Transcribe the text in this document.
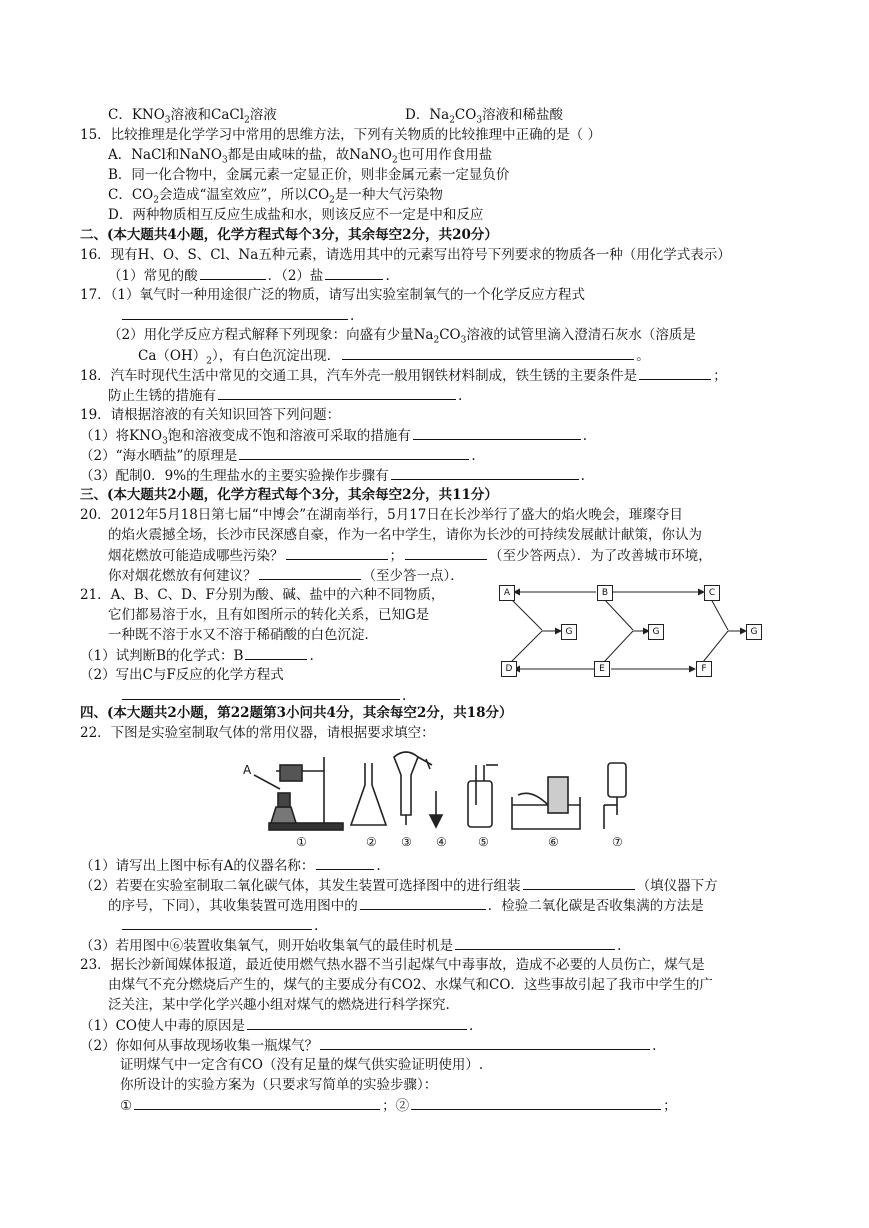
C．$KNO_3$溶液和CaCl$_2$溶液	D．$Na_2CO_3$溶液和稀盐酸
15．比较推理是化学学习中常用的思维方法，下列有关物质的比较推理中正确的是（ ）
A．NaCl和NaNO$_3$都是由咸味的盐，故NaNO$_2$也可用作食用盐
B．同一化合物中，金属元素一定显正价，则非金属元素一定显负价
C．$CO_2$会造成“温室效应”，所以$CO_2$是一种大气污染物
D．两种物质相互反应生成盐和水，则该反应不一定是中和反应
二、(本大题共4小题，化学方程式每个3分，其余每空2分，共20分）
16．现有H、O、S、Cl、Na五种元素，请选用其中的元素写出符号下列要求的物质各一种（用化学式表示）
（1）常见的酸	．（2）盐	.
17．（1）氧气时一种用途很广泛的物质，请写出实验室制氧气的一个化学反应方程式
.
（2）用化学反应方程式解释下列现象：向盛有少量$Na_2CO_3$溶液的试管里滴入澄清石灰水（溶质是
$Ca(OH)_2$），有白色沉淀出现．	。
18．汽车时现代生活中常见的交通工具，汽车外壳一般用钢铁材料制成，铁生锈的主要条件是	；
防止生锈的措施有	.
19．请根据溶液的有关知识回答下列问题：
（1）将$KNO_3$饱和溶液变成不饱和溶液可采取的措施有	.
（2）“海水晒盐”的原理是	.
（3）配制0．9%的生理盐水的主要实验操作步骤有	.
三、(本大题共2小题，化学方程式每个3分，其余每空2分，共11分）
20．2012年5月18日第七届“中博会”在湖南举行，5月17日在长沙举行了盛大的焰火晚会，璀璨夺目
的焰火震撼全场，长沙市民深感自豪，作为一名中学生，请你为长沙的可持续发展献计献策，你认为
烟花燃放可能造成哪些污染？	；	（至少答两点）．为了改善城市环境，
你对烟花燃放有何建议？	（至少答一点）．
21．A、B、C、D、F分别为酸、碱、盐中的六种不同物质，
它们都易溶于水，且有如图所示的转化关系，已知G是
一种既不溶于水又不溶于稀硝酸的白色沉淀．
（1）试判断B的化学式：B	.
（2）写出C与F反应的化学方程式
.
A	B	C
G	G	G
D	E	F
四、(本大题共2小题，第22题第3小问共4分，其余每空2分，共18分）
22．下图是实验室制取气体的常用仪器，请根据要求填空：
A
①	② ③ ④	⑤	⑥	⑦
（1）请写出上图中标有A的仪器名称：	.
（2）若要在实验室制取二氧化碳气体，其发生装置可选择图中的进行组装	（填仪器下方
的序号，下同），其收集装置可选用图中的	．检验二氧化碳是否收集满的方法是
.
（3）若用图中⑥装置收集氧气，则开始收集氧气的最佳时机是	.
23．据长沙新闻媒体报道，最近使用燃气热水器不当引起煤气中毒事故，造成不必要的人员伤亡，煤气是
由煤气不充分燃烧后产生的，煤气的主要成分有CO2、水煤气和CO．这些事故引起了我市中学生的广
泛关注，某中学化学兴趣小组对煤气的燃烧进行科学探究.
（1）CO使人中毒的原因是	.
（2）你如何从事故现场收集一瓶煤气？	.
证明煤气中一定含有CO（没有足量的煤气供实验证明使用）.
你所设计的实验方案为（只要求写简单的实验步骤）：
①	；②	；
